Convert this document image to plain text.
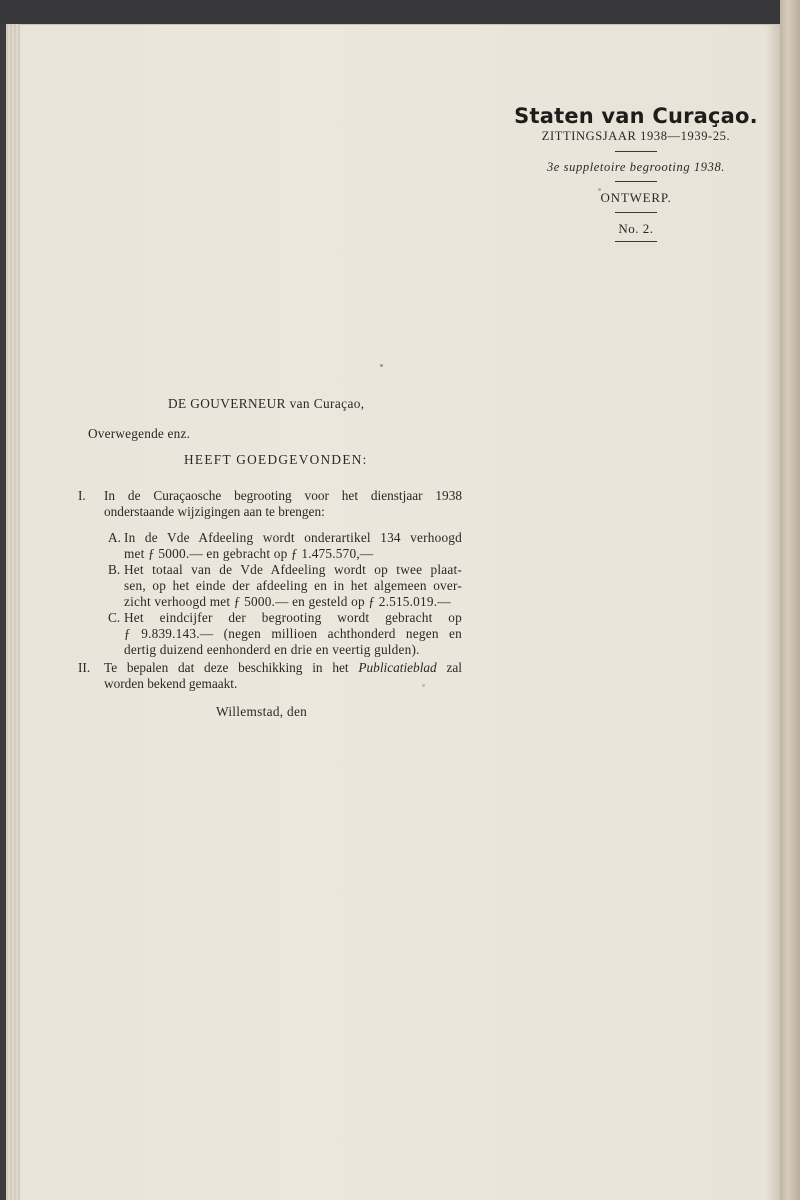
Staten van Curaçao.
ZITTINGSJAAR 1938—1939-25.
3e suppletoire begrooting 1938.
ONTWERP.
No. 2.
DE GOUVERNEUR van Curaçao,
Overwegende enz.
HEEFT GOEDGEVONDEN:
I.	In de Curaçaosche begrooting voor het dienstjaar 1938
onderstaande wijzigingen aan te brengen:
A. In de Vde Afdeeling wordt onderartikel 134 verhoogd
met ƒ 5000.— en gebracht op ƒ 1.475.570,—
B. Het totaal van de Vde Afdeeling wordt op twee plaat-
sen, op het einde der afdeeling en in het algemeen over-
zicht verhoogd met ƒ 5000.— en gesteld op ƒ 2.515.019.—
C. Het eindcijfer der begrooting wordt gebracht op
ƒ 9.839.143.— (negen millioen achthonderd negen en
dertig duizend eenhonderd en drie en veertig gulden).
II.	Te bepalen dat deze beschikking in het Publicatieblad zal
worden bekend gemaakt.
Willemstad, den
